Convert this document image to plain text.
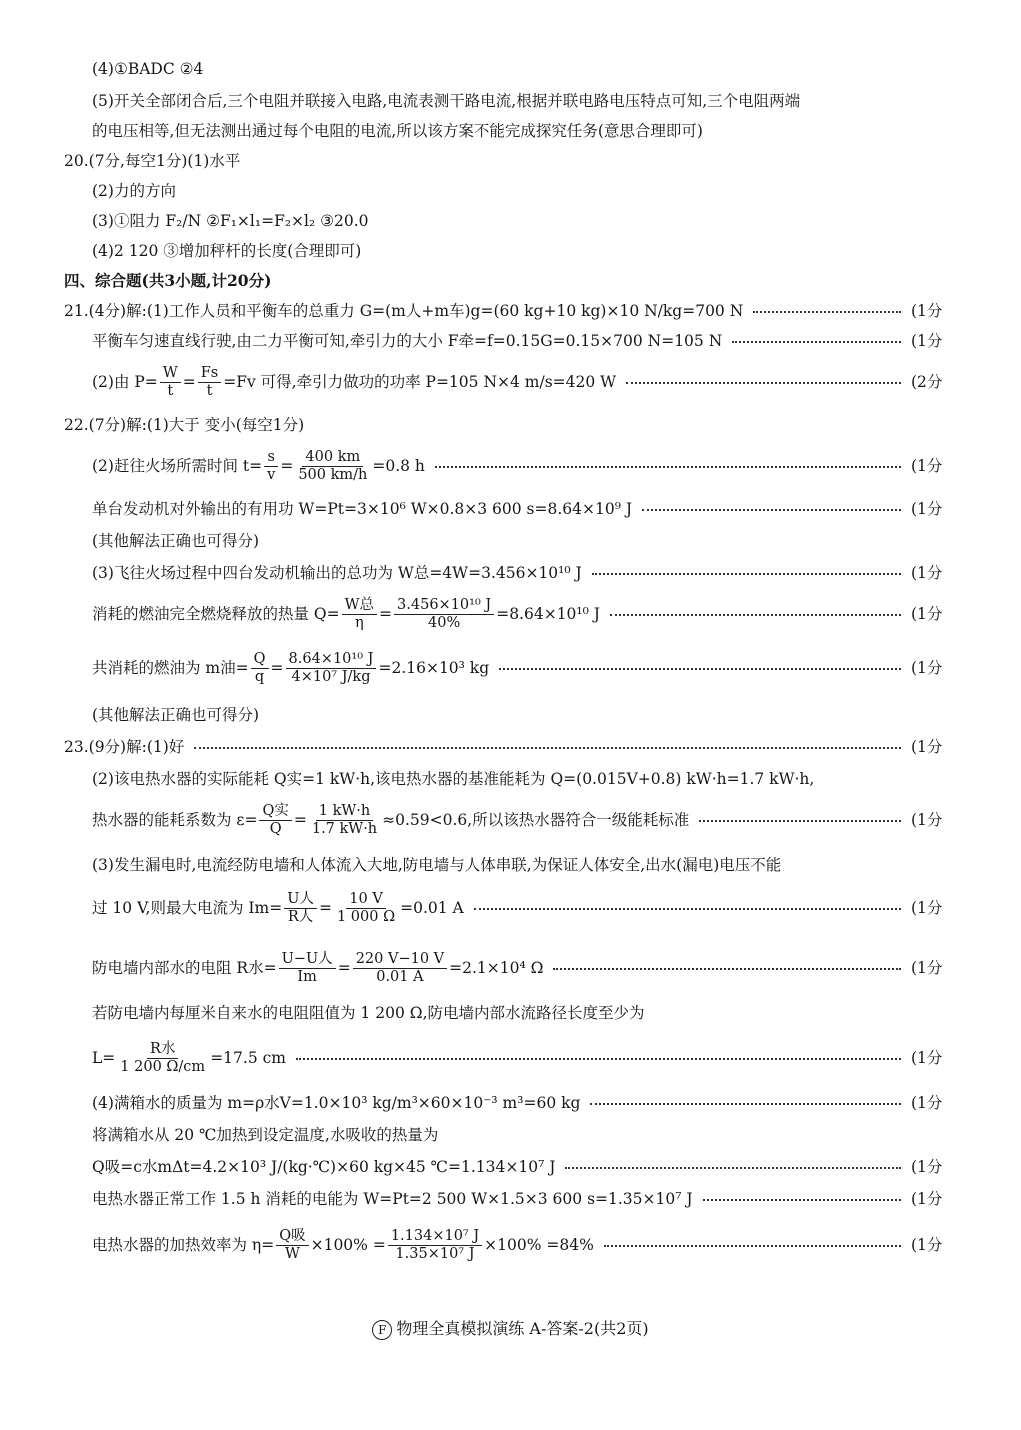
(4)①BADC ②4
(5)开关全部闭合后,三个电阻并联接入电路,电流表测干路电流,根据并联电路电压特点可知,三个电阻两端
的电压相等,但无法测出通过每个电阻的电流,所以该方案不能完成探究任务(意思合理即可)
20.(7分,每空1分)(1)水平
(2)力的方向
(3)①阻力 F₂/N ②F₁×l₁=F₂×l₂ ③20.0
(4)2 120 ③增加秤杆的长度(合理即可)
四、综合题(共3小题,计20分)
21.(4分)解:(1)工作人员和平衡车的总重力 G=(m人+m车)g=(60 kg+10 kg)×10 N/kg=700 N	(1分
平衡车匀速直线行驶,由二力平衡可知,牵引力的大小 F牵=f=0.15G=0.15×700 N=105 N	(1分
(2)由 $P= \frac{W}{t} = \frac{Fs}{t} =Fv$ 可得,牵引力做功的功率 P=105 N×4 m/s=420 W	(2分
22.(7分)解:(1)大于 变小(每空1分)
(2)赶往火场所需时间 $t= \frac{s}{v} = \frac{400 km}{500 km/h} =0.8$ h	(1分
单台发动机对外输出的有用功 W=Pt=3×10⁶ W×0.8×3 600 s=8.64×10⁹ J	(1分
(其他解法正确也可得分)
(3)飞往火场过程中四台发动机输出的总功为 W总=4W=3.456×10¹⁰ J	(1分
消耗的燃油完全燃烧释放的热量 $Q= \frac{\text{W总}}{\eta} = \frac{\text{3.456×10¹⁰ J}}{40\%} =8.64\times 10^{10}$ J	(1分
共消耗的燃油为 m油= $\frac{Q}{q} = \frac{\text{8.64×10¹⁰ J}}{\text{4×10⁷ J/kg}} =2.16\times 10^3$ kg	(1分
(其他解法正确也可得分)
23.(9分)解:(1)好	(1分
(2)该电热水器的实际能耗 Q实=1 kW·h,该电热水器的基准能耗为 Q=(0.015V+0.8) kW·h=1.7 kW·h,
热水器的能耗系数为 $\varepsilon= \frac{\text{Q实}}{Q} = \frac{1 kW\cdot h}{1.7 kW\cdot h} \approx 0.59<0.6$,所以该热水器符合一级能耗标准	(1分
(3)发生漏电时,电流经防电墙和人体流入大地,防电墙与人体串联,为保证人体安全,出水(漏电)电压不能
过 10 V,则最大电流为 $Im= \frac{\text{U人}}{\text{R人}} = \frac{10 V}{1 000 \Omega} =0.01$ A	(1分
防电墙内部水的电阻 R水= $\frac{\text{U−U人}}{Im} = \frac{220 V-10 V}{0.01 A} =2.1\times 10^4$ Ω	(1分
若防电墙内每厘米自来水的电阻阻值为 1 200 Ω,防电墙内部水流路径长度至少为
$L= \frac{\text{R水}}{1 200 \Omega/cm} =17.5$ cm	(1分
(4)满箱水的质量为 m=ρ水V=1.0×10³ kg/m³×60×10⁻³ m³=60 kg	(1分
将满箱水从 20 ℃加热到设定温度,水吸收的热量为
Q吸=c水mΔt=4.2×10³ J/(kg·℃)×60 kg×45 ℃=1.134×10⁷ J	(1分
电热水器正常工作 1.5 h 消耗的电能为 W=Pt=2 500 W×1.5×3 600 s=1.35×10⁷ J	(1分
电热水器的加热效率为 $\eta= \frac{\text{Q吸}}{W} \times 100\% = \frac{\text{1.134×10⁷ J}}{\text{1.35×10⁷ J}} \times 100\% =84\%$	(1分
F 物理全真模拟演练 A-答案-2(共2页)
